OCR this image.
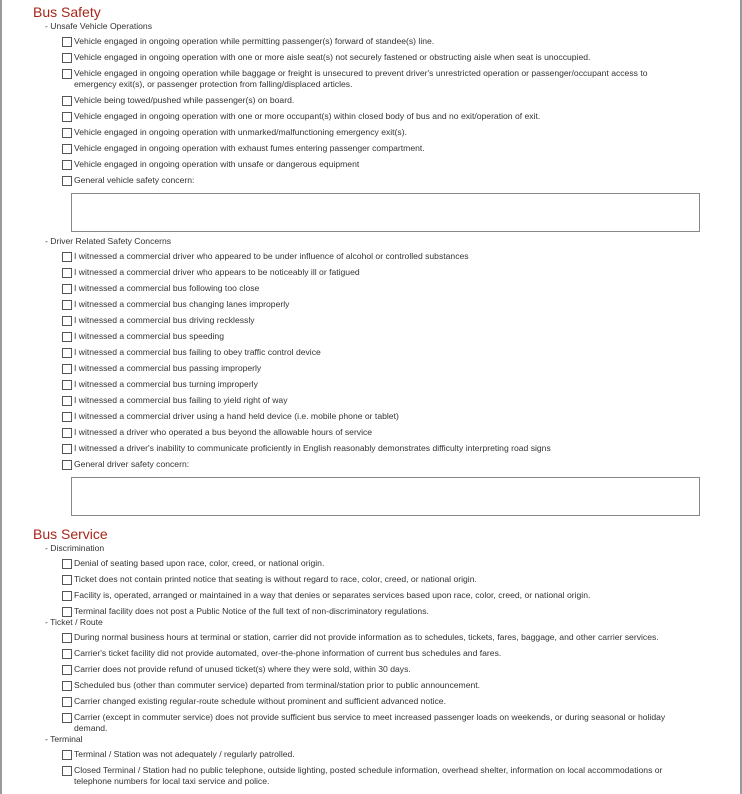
Bus Safety
- Unsafe Vehicle Operations
Vehicle engaged in ongoing operation while permitting passenger(s) forward of standee(s) line.
Vehicle engaged in ongoing operation with one or more aisle seat(s) not securely fastened or obstructing aisle when seat is unoccupied.
Vehicle engaged in ongoing operation while baggage or freight is unsecured to prevent driver's unrestricted operation or passenger/occupant access to emergency exit(s), or passenger protection from falling/displaced articles.
Vehicle being towed/pushed while passenger(s) on board.
Vehicle engaged in ongoing operation with one or more occupant(s) within closed body of bus and no exit/operation of exit.
Vehicle engaged in ongoing operation with unmarked/malfunctioning emergency exit(s).
Vehicle engaged in ongoing operation with exhaust fumes entering passenger compartment.
Vehicle engaged in ongoing operation with unsafe or dangerous equipment
General vehicle safety concern:
- Driver Related Safety Concerns
I witnessed a commercial driver who appeared to be under influence of alcohol or controlled substances
I witnessed a commercial driver who appears to be noticeably ill or fatigued
I witnessed a commercial bus following too close
I witnessed a commercial bus changing lanes improperly
I witnessed a commercial bus driving recklessly
I witnessed a commercial bus speeding
I witnessed a commercial bus failing to obey traffic control device
I witnessed a commercial bus passing improperly
I witnessed a commercial bus turning improperly
I witnessed a commercial bus failing to yield right of way
I witnessed a commercial driver using a hand held device (i.e. mobile phone or tablet)
I witnessed a driver who operated a bus beyond the allowable hours of service
I witnessed a driver's inability to communicate proficiently in English reasonably demonstrates difficulty interpreting road signs
General driver safety concern:
Bus Service
- Discrimination
Denial of seating based upon race, color, creed, or national origin.
Ticket does not contain printed notice that seating is without regard to race, color, creed, or national origin.
Facility is, operated, arranged or maintained in a way that denies or separates services based upon race, color, creed, or national origin.
Terminal facility does not post a Public Notice of the full text of non-discriminatory regulations.
- Ticket / Route
During normal business hours at terminal or station, carrier did not provide information as to schedules, tickets, fares, baggage, and other carrier services.
Carrier's ticket facility did not provide automated, over-the-phone information of current bus schedules and fares.
Carrier does not provide refund of unused ticket(s) where they were sold, within 30 days.
Scheduled bus (other than commuter service) departed from terminal/station prior to public announcement.
Carrier changed existing regular-route schedule without prominent and sufficient advanced notice.
Carrier (except in commuter service) does not provide sufficient bus service to meet increased passenger loads on weekends, or during seasonal or holiday demand.
- Terminal
Terminal / Station was not adequately / regularly patrolled.
Closed Terminal / Station had no public telephone, outside lighting, posted schedule information, overhead shelter, information on local accommodations or telephone numbers for local taxi service and police.
